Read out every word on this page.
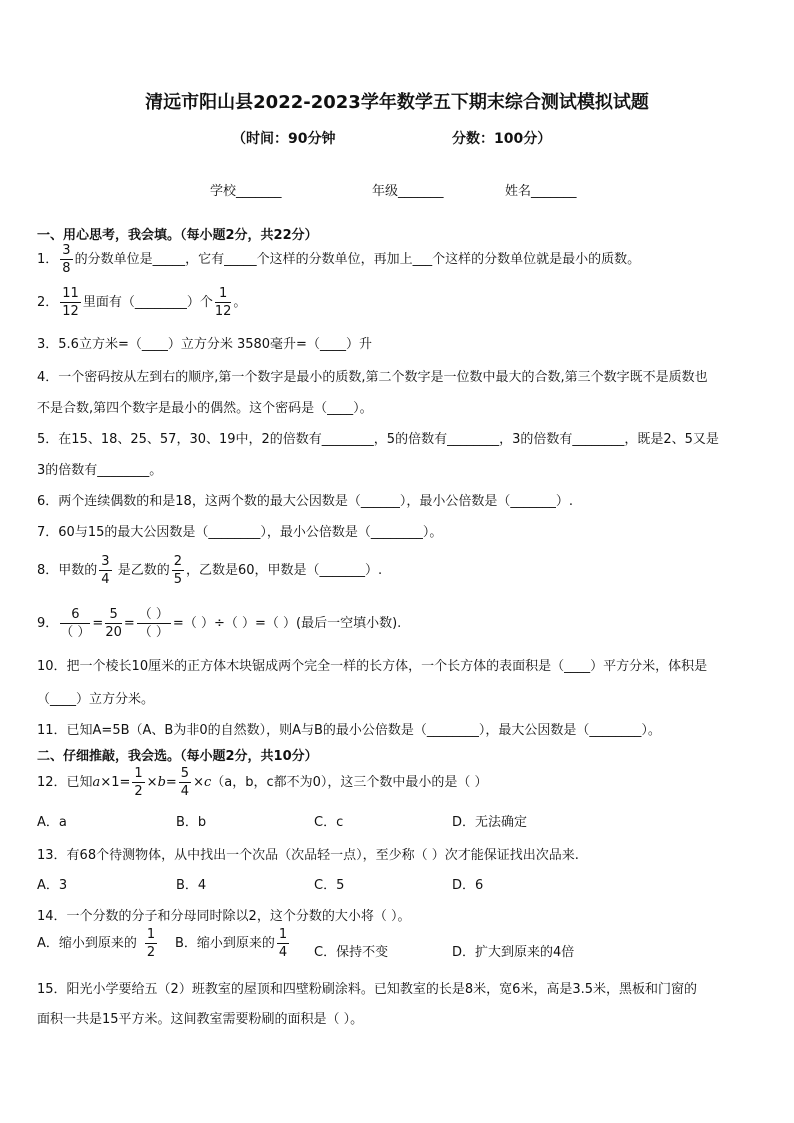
清远市阳山县2022-2023学年数学五下期末综合测试模拟试题
（时间：90分钟	分数：100分）
学校_______	年级_______	姓名_______
一、用心思考，我会填。（每小题2分，共22分）
1． $\frac{3}{8}$ 的分数单位是_____，它有_____个这样的分数单位，再加上___个这样的分数单位就是最小的质数。
2． $\frac{11}{12}$ 里面有（________）个 $\frac{1}{12}$ 。
3．5.6立方米=（____）立方分米 3580毫升=（____）升
4．一个密码按从左到右的顺序,第一个数字是最小的质数,第二个数字是一位数中最大的合数,第三个数字既不是质数也
不是合数,第四个数字是最小的偶然。这个密码是（____）。
5．在15、18、25、57，30、19中，2的倍数有________，5的倍数有________，3的倍数有________，既是2、5又是
3的倍数有________。
6．两个连续偶数的和是18，这两个数的最大公因数是（______），最小公倍数是（_______）.
7．60与15的最大公因数是（________），最小公倍数是（________）。
8．甲数的 $\frac{3}{4}$ 是乙数的 $\frac{2}{5}$ ，乙数是60，甲数是（_______）.
9． $\frac{6}{( )} = \frac{5}{20} = \frac{( )}{( )}$ =（ ）÷（ ）=（ ）(最后一空填小数).
10．把一个棱长10厘米的正方体木块锯成两个完全一样的长方体，一个长方体的表面积是（____）平方分米，体积是
（____）立方分米。
11．已知A=5B（A、B为非0的自然数），则A与B的最小公倍数是（________），最大公因数是（________）。
二、仔细推敲，我会选。（每小题2分，共10分）
12．已知$a\times 1= \frac{1}{2} \times b= \frac{5}{4} \times c(a$，b，c都不为0），这三个数中最小的是（ ）
A．a	B．b	C．c	D．无法确定
13．有68个待测物体，从中找出一个次品（次品轻一点），至少称（ ）次才能保证找出次品来.
A．3	B．4	C．5	D．6
14．一个分数的分子和分母同时除以2，这个分数的大小将（ ）。
A．缩小到原来的 $\frac{1}{2}$ B．缩小到原来的 $\frac{1}{4}$ C．保持不变	D．扩大到原来的4倍
15．阳光小学要给五（2）班教室的屋顶和四壁粉刷涂料。已知教室的长是8米，宽6米，高是3.5米，黑板和门窗的
面积一共是15平方米。这间教室需要粉刷的面积是（ ）。
